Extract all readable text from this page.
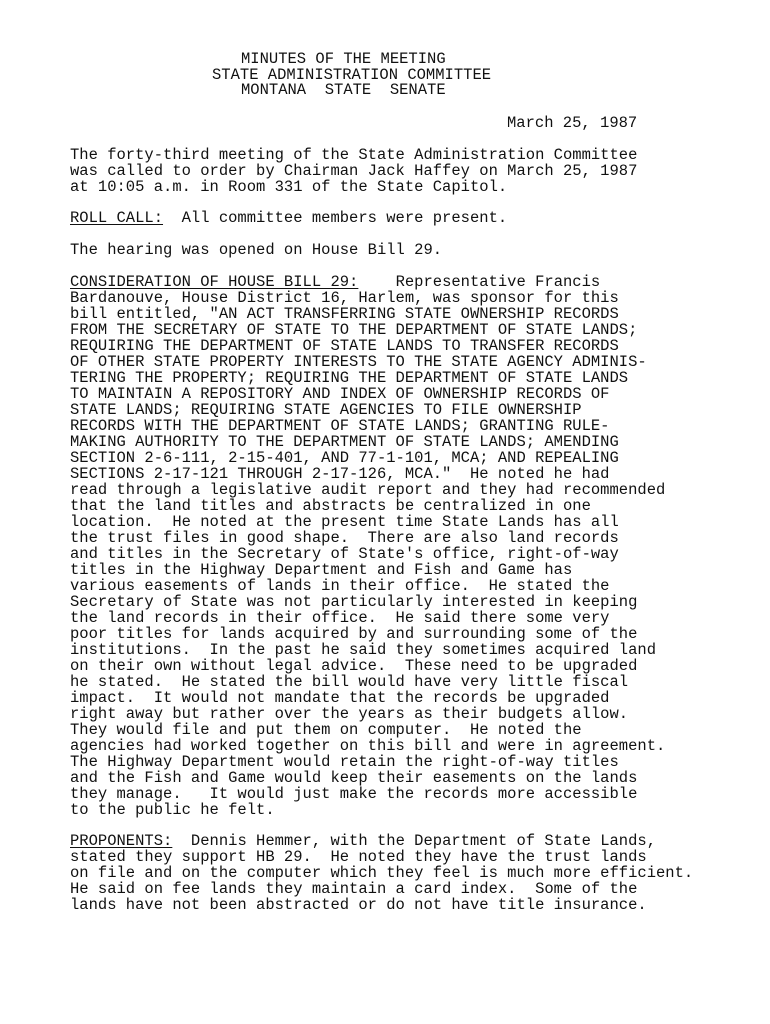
MINUTES OF THE MEETING
STATE ADMINISTRATION COMMITTEE
MONTANA  STATE  SENATE
March 25, 1987
The forty-third meeting of the State Administration Committee
was called to order by Chairman Jack Haffey on March 25, 1987
at 10:05 a.m. in Room 331 of the State Capitol.
ROLL CALL:  All committee members were present.
The hearing was opened on House Bill 29.
CONSIDERATION OF HOUSE BILL 29:    Representative Francis
Bardanouve, House District 16, Harlem, was sponsor for this
bill entitled, "AN ACT TRANSFERRING STATE OWNERSHIP RECORDS
FROM THE SECRETARY OF STATE TO THE DEPARTMENT OF STATE LANDS;
REQUIRING THE DEPARTMENT OF STATE LANDS TO TRANSFER RECORDS
OF OTHER STATE PROPERTY INTERESTS TO THE STATE AGENCY ADMINIS-
TERING THE PROPERTY; REQUIRING THE DEPARTMENT OF STATE LANDS
TO MAINTAIN A REPOSITORY AND INDEX OF OWNERSHIP RECORDS OF
STATE LANDS; REQUIRING STATE AGENCIES TO FILE OWNERSHIP
RECORDS WITH THE DEPARTMENT OF STATE LANDS; GRANTING RULE-
MAKING AUTHORITY TO THE DEPARTMENT OF STATE LANDS; AMENDING
SECTION 2-6-111, 2-15-401, AND 77-1-101, MCA; AND REPEALING
SECTIONS 2-17-121 THROUGH 2-17-126, MCA."  He noted he had
read through a legislative audit report and they had recommended
that the land titles and abstracts be centralized in one
location.  He noted at the present time State Lands has all
the trust files in good shape.  There are also land records
and titles in the Secretary of State's office, right-of-way
titles in the Highway Department and Fish and Game has
various easements of lands in their office.  He stated the
Secretary of State was not particularly interested in keeping
the land records in their office.  He said there some very
poor titles for lands acquired by and surrounding some of the
institutions.  In the past he said they sometimes acquired land
on their own without legal advice.  These need to be upgraded
he stated.  He stated the bill would have very little fiscal
impact.  It would not mandate that the records be upgraded
right away but rather over the years as their budgets allow.
They would file and put them on computer.  He noted the
agencies had worked together on this bill and were in agreement.
The Highway Department would retain the right-of-way titles
and the Fish and Game would keep their easements on the lands
they manage.   It would just make the records more accessible
to the public he felt.
PROPONENTS:  Dennis Hemmer, with the Department of State Lands,
stated they support HB 29.  He noted they have the trust lands
on file and on the computer which they feel is much more efficient.
He said on fee lands they maintain a card index.  Some of the
lands have not been abstracted or do not have title insurance.
